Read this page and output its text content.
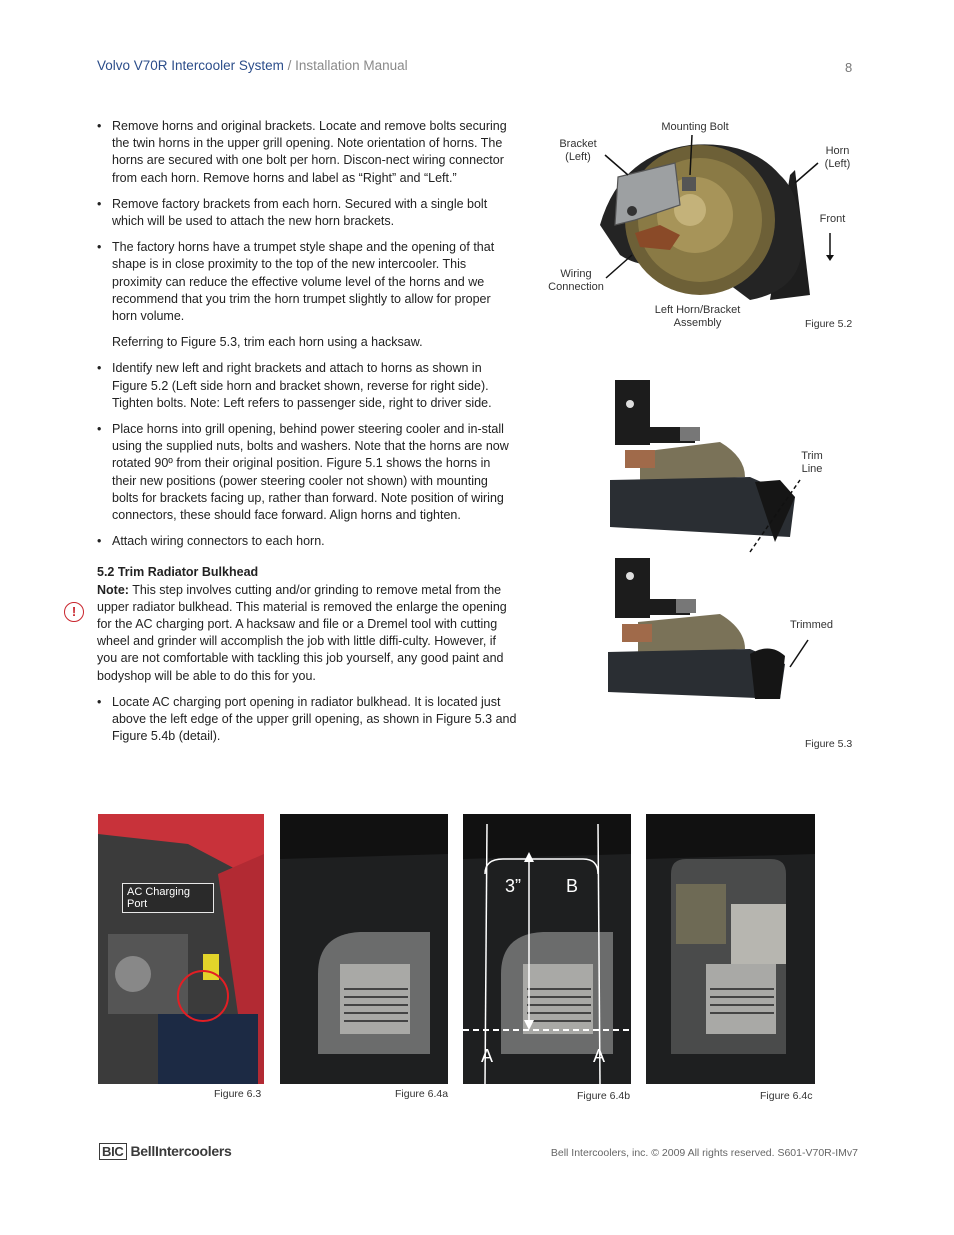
Volvo V70R Intercooler System / Installation Manual	8
• Remove horns and original brackets. Locate and remove bolts securing the twin horns in the upper grill opening. Note orientation of horns. The horns are secured with one bolt per horn. Discon-nect wiring connector from each horn. Remove horns and label as “Right” and “Left.”
• Remove factory brackets from each horn. Secured with a single bolt which will be used to attach the new horn brackets.
• The factory horns have a trumpet style shape and the opening of that shape is in close proximity to the top of the new intercooler. This proximity can reduce the effective volume level of the horns and we recommend that you trim the horn trumpet slightly to allow for proper horn volume.
Referring to Figure 5.3, trim each horn using a hacksaw.
• Identify new left and right brackets and attach to horns as shown in Figure 5.2 (Left side horn and bracket shown, reverse for right side). Tighten bolts. Note: Left refers to passenger side, right to driver side.
• Place horns into grill opening, behind power steering cooler and in-stall using the supplied nuts, bolts and washers. Note that the horns are now rotated 90º from their original position. Figure 5.1 shows the horns in their new positions (power steering cooler not shown) with mounting bolts for brackets facing up, rather than forward. Note position of wiring connectors, these should face forward. Align horns and tighten.
• Attach wiring connectors to each horn.
5.2 Trim Radiator Bulkhead
Note: This step involves cutting and/or grinding to remove metal from the upper radiator bulkhead. This material is removed the enlarge the opening for the AC charging port. A hacksaw and file or a Dremel tool with cutting wheel and grinder will accomplish the job with little diffi-culty. However, if you are not comfortable with tackling this job yourself, any good paint and bodyshop will be able to do this for you.
• Locate AC charging port opening in radiator bulkhead. It is located just above the left edge of the upper grill opening, as shown in Figure 5.3 and Figure 5.4b (detail).
!
Mounting Bolt
Bracket
(Left)	Horn
(Left)
Front
Wiring
Connection
Left Horn/Bracket
Assembly	Figure 5.2
Trim
Line
Trimmed
Figure 5.3
AC Charging
Port
Figure 6.3	Figure 6.4a
3” B
A	A
Figure 6.4b	Figure 6.4c
BIC BellIntercoolers	Bell Intercoolers, inc. © 2009 All rights reserved. S601-V70R-IMv7
